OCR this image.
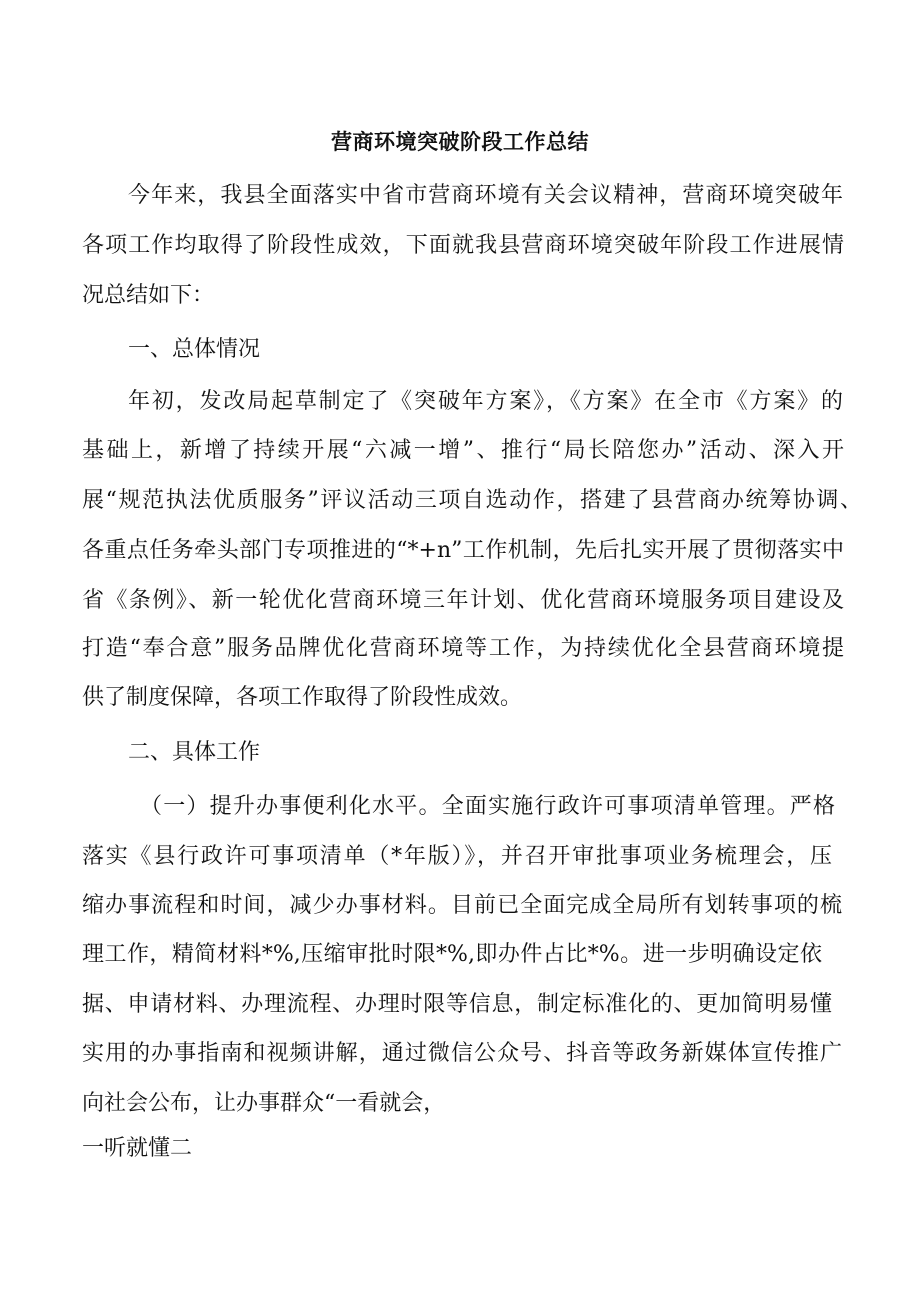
营商环境突破阶段工作总结
今年来，我县全面落实中省市营商环境有关会议精神，营商环境突破年
各项工作均取得了阶段性成效，下面就我县营商环境突破年阶段工作进展情
况总结如下：
一、总体情况
年初，发改局起草制定了《突破年方案》，《方案》在全市《方案》的
基础上，新增了持续开展“六减一增”、推行“局长陪您办”活动、深入开
展“规范执法优质服务”评议活动三项自选动作，搭建了县营商办统筹协调、
各重点任务牵头部门专项推进的“*+n”工作机制，先后扎实开展了贯彻落实中
省《条例》、新一轮优化营商环境三年计划、优化营商环境服务项目建设及
打造“奉合意”服务品牌优化营商环境等工作，为持续优化全县营商环境提
供了制度保障，各项工作取得了阶段性成效。
二、具体工作
（一）提升办事便利化水平。全面实施行政许可事项清单管理。严格
落实《县行政许可事项清单（*年版）》，并召开审批事项业务梳理会，压
缩办事流程和时间，减少办事材料。目前已全面完成全局所有划转事项的梳
理工作，精简材料*%,压缩审批时限*%,即办件占比*%。进一步明确设定依
据、申请材料、办理流程、办理时限等信息，制定标准化的、更加简明易懂
实用的办事指南和视频讲解，通过微信公众号、抖音等政务新媒体宣传推广
向社会公布，让办事群众“一看就会，
一听就懂二
